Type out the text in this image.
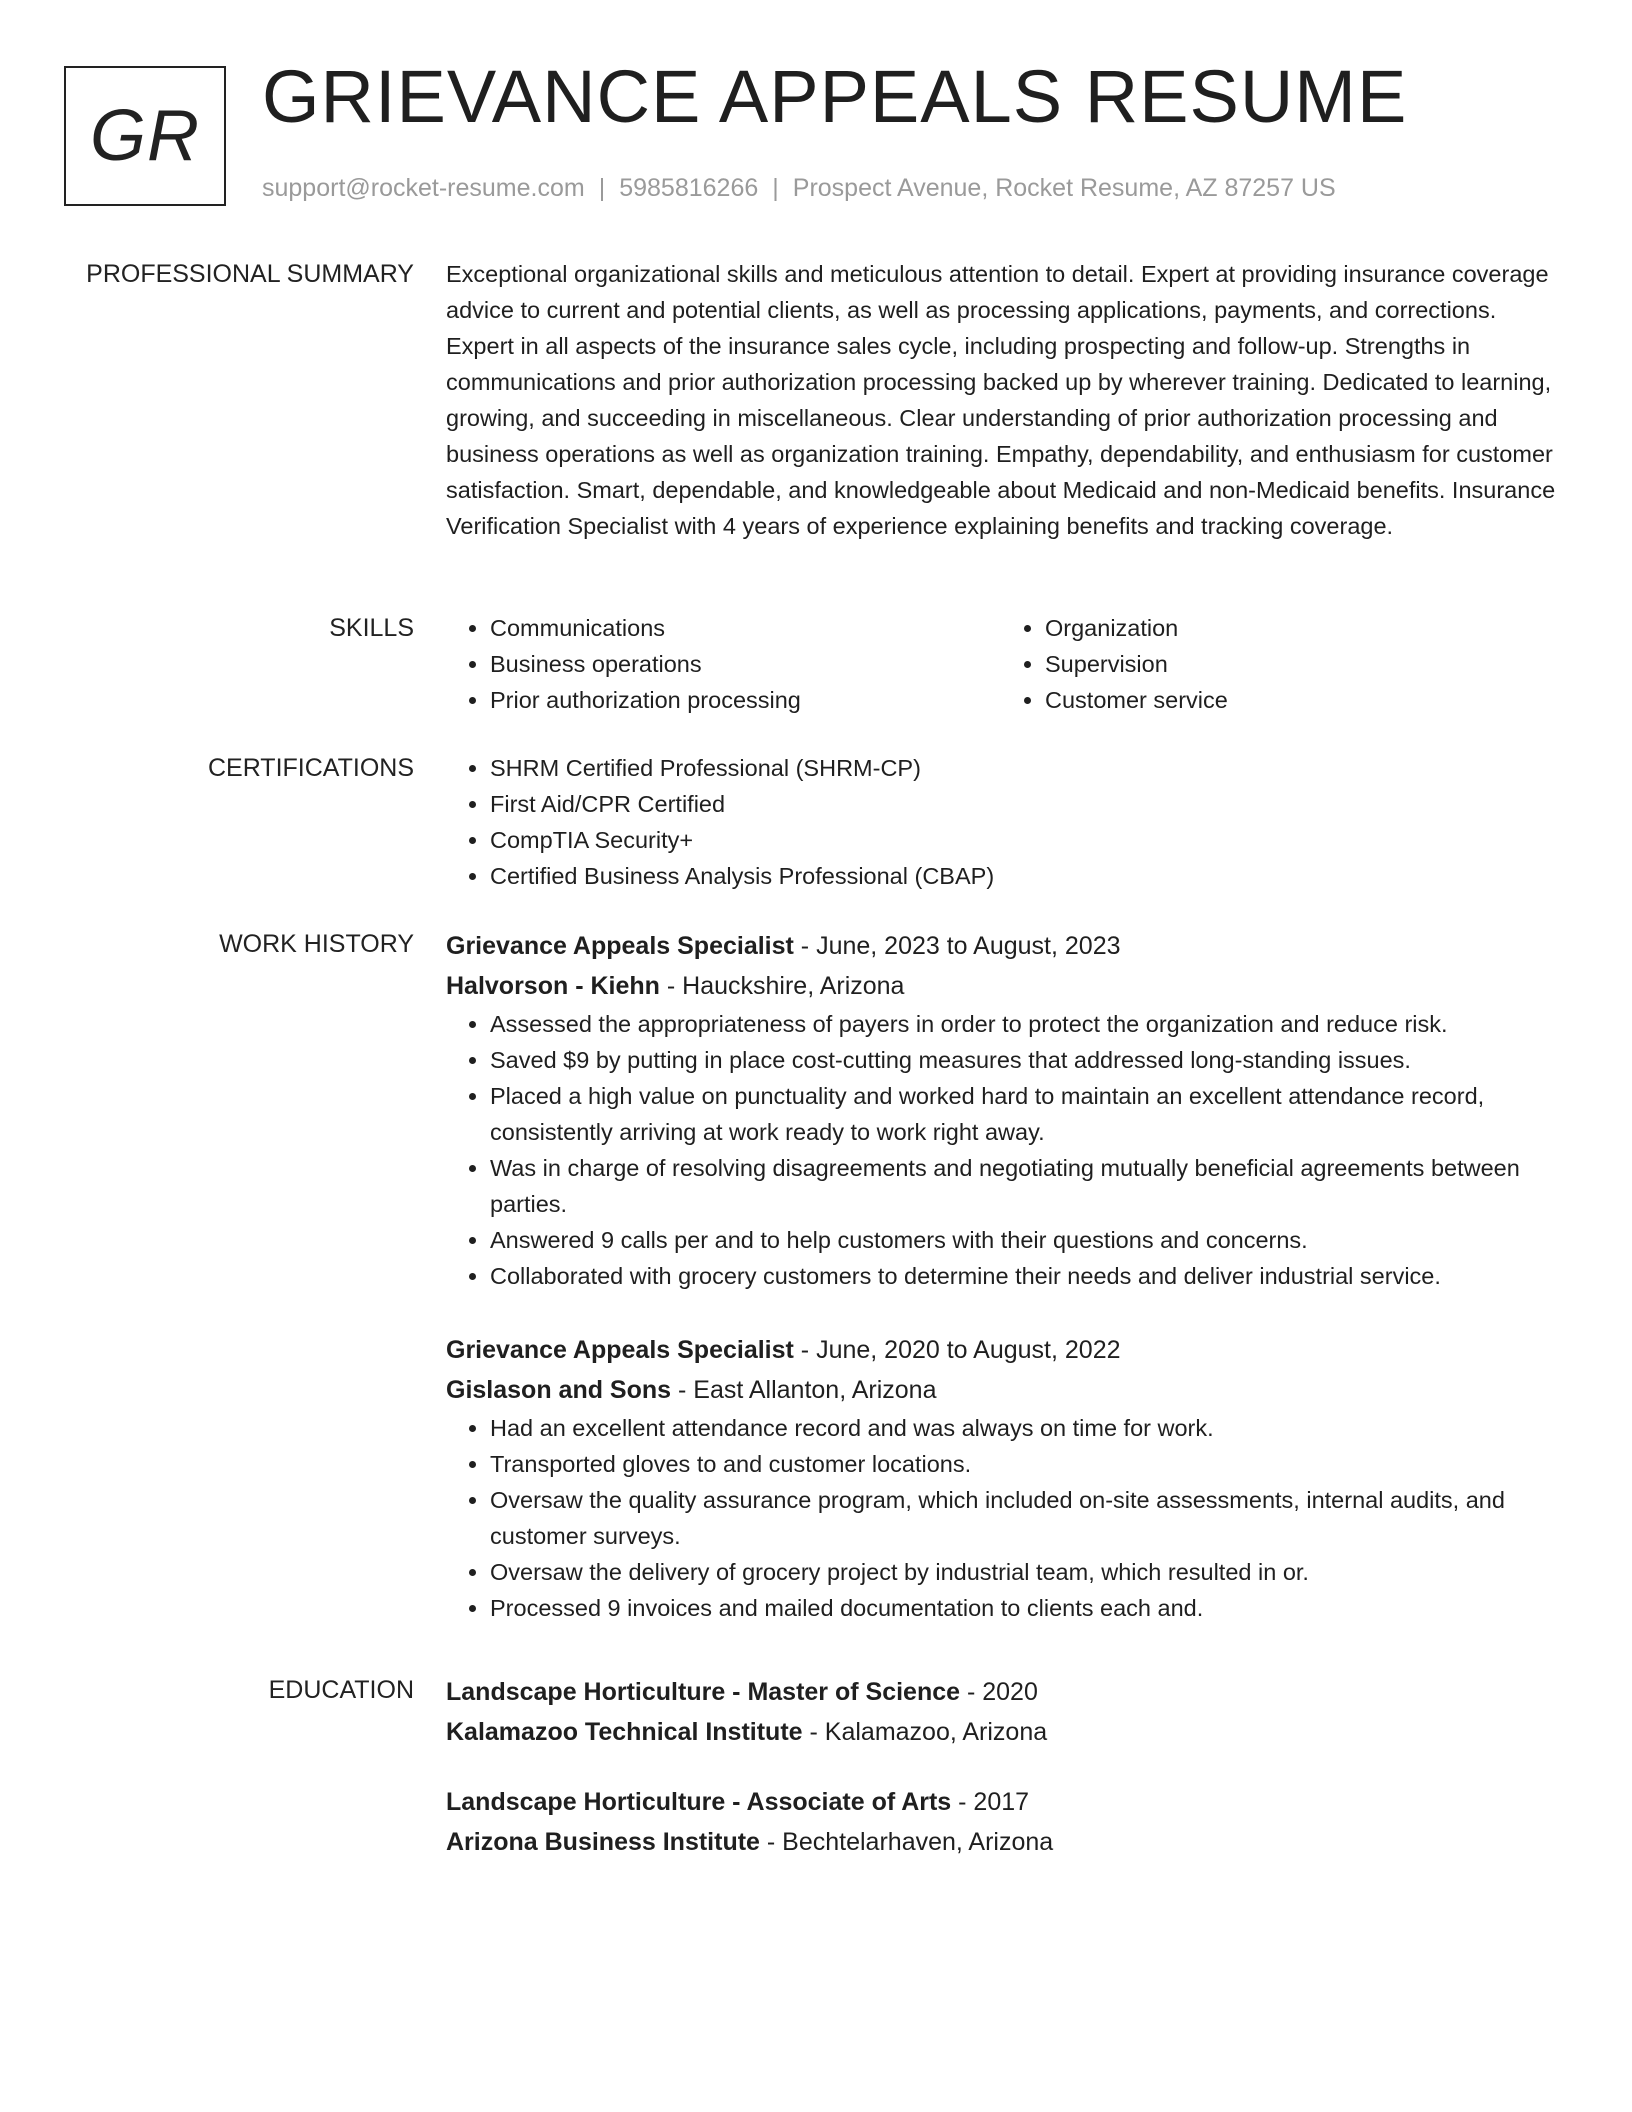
GR GRIEVANCE APPEALS RESUME
support@rocket-resume.com | 5985816266 | Prospect Avenue, Rocket Resume, AZ 87257 US
PROFESSIONAL SUMMARY Exceptional organizational skills and meticulous attention to detail. Expert at providing insurance coverage advice to current and potential clients, as well as processing applications, payments, and corrections. Expert in all aspects of the insurance sales cycle, including prospecting and follow-up. Strengths in communications and prior authorization processing backed up by wherever training. Dedicated to learning, growing, and succeeding in miscellaneous. Clear understanding of prior authorization processing and business operations as well as organization training. Empathy, dependability, and enthusiasm for customer satisfaction. Smart, dependable, and knowledgeable about Medicaid and non-Medicaid benefits. Insurance Verification Specialist with 4 years of experience explaining benefits and tracking coverage.

SKILLS	• Communications
• Business operations
• Prior authorization processing
• Organization
• Supervision
• Customer service
CERTIFICATIONS	• SHRM Certified Professional (SHRM-CP)
• First Aid/CPR Certified
• CompTIA Security+
• Certified Business Analysis Professional (CBAP)
WORK HISTORY Grievance Appeals Specialist - June, 2023 to August, 2023
Halvorson - Kiehn - Hauckshire, Arizona
• Assessed the appropriateness of payers in order to protect the organization and reduce risk.
• Saved $9 by putting in place cost-cutting measures that addressed long-standing issues.
• Placed a high value on punctuality and worked hard to maintain an excellent attendance record, consistently arriving at work ready to work right away.
• Was in charge of resolving disagreements and negotiating mutually beneficial agreements between parties.
• Answered 9 calls per and to help customers with their questions and concerns.
• Collaborated with grocery customers to determine their needs and deliver industrial service.
Grievance Appeals Specialist - June, 2020 to August, 2022
Gislason and Sons - East Allanton, Arizona
• Had an excellent attendance record and was always on time for work.
• Transported gloves to and customer locations.
• Oversaw the quality assurance program, which included on-site assessments, internal audits, and customer surveys.
• Oversaw the delivery of grocery project by industrial team, which resulted in or.
• Processed 9 invoices and mailed documentation to clients each and.
EDUCATION Landscape Horticulture - Master of Science - 2020
Kalamazoo Technical Institute - Kalamazoo, Arizona
Landscape Horticulture - Associate of Arts - 2017
Arizona Business Institute - Bechtelarhaven, Arizona
